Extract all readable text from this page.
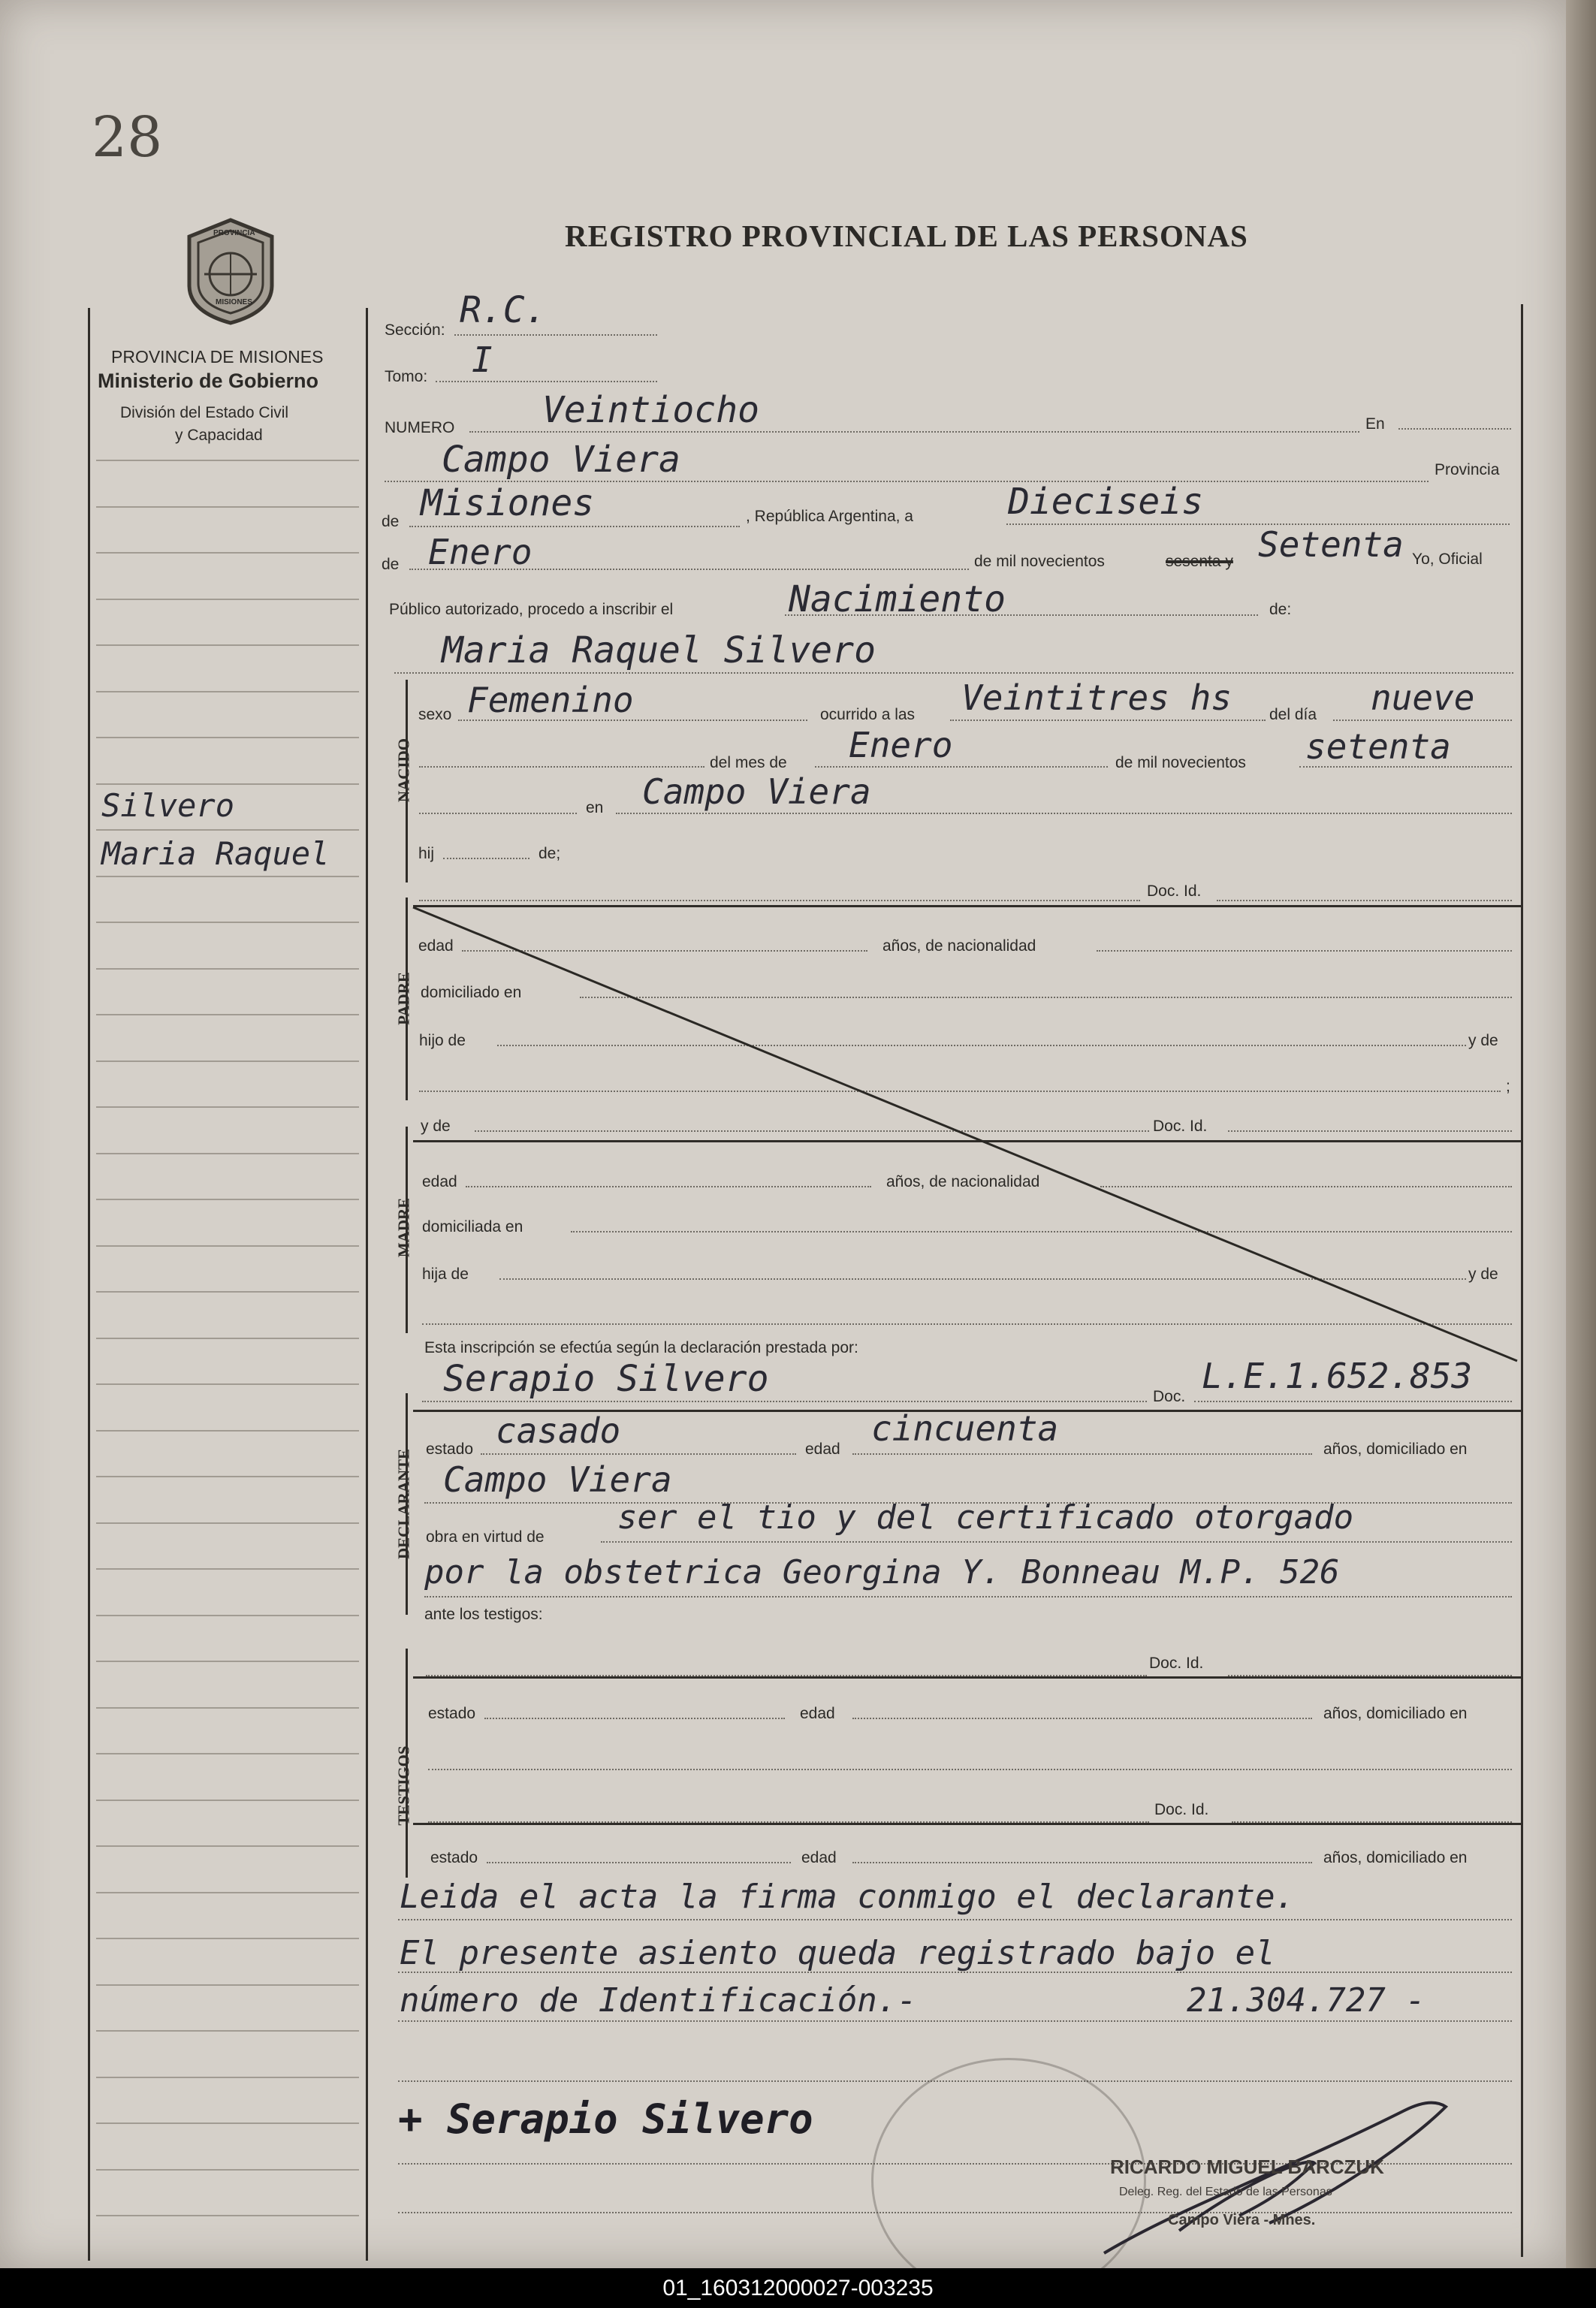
28
PROVINCIA
MISIONES
REGISTRO PROVINCIAL DE LAS PERSONAS
PROVINCIA DE MISIONES
Ministerio de Gobierno
División del Estado Civil
y Capacidad
Silvero
Maria Raquel
Sección: R.C.
Tomo: I
NUMERO Veintiocho	En
Campo Viera	Provincia
de Misiones	, República Argentina, a	Dieciseis
de Enero	de mil novecientos	sesenta y Setenta Yo, Oficial
Público autorizado, procedo a inscribir el	Nacimiento	de:
Maria Raquel Silvero
NACIDO
sexo Femenino	ocurrido a las Veintitres hs del día nueve
del mes de Enero	de mil novecientos setenta
en Campo Viera
hij	de;
Doc. Id.
PADRE
edad	años, de nacionalidad
domiciliado en
hijo de	y de
;
y de	Doc. Id.
MADRE
edad	años, de nacionalidad
domiciliada en
hija de	y de
Esta inscripción se efectúa según la declaración prestada por:
Serapio Silvero	Doc.
L.E.1.652.853
DECLARANTE estado casado	edad
cincuenta
años, domiciliado en
Campo Viera
obra en virtud de
ser el tio y del certificado otorgado
por la obstetrica Georgina Y. Bonneau M.P. 526
ante los testigos:
TESTIGOS
Doc. Id.
estado	edad	años, domiciliado en
Doc. Id.
estado	edad	años, domiciliado en
Leida el acta la firma conmigo el declarante.
El presente asiento queda registrado bajo el
número de Identificación.-	21.304.727 -
+ Serapio Silvero
RICARDO MIGUEL BARCZUK
Deleg. Reg. del Estado de las Personas
Campo Viera - Mnes.
01_160312000027-003235
